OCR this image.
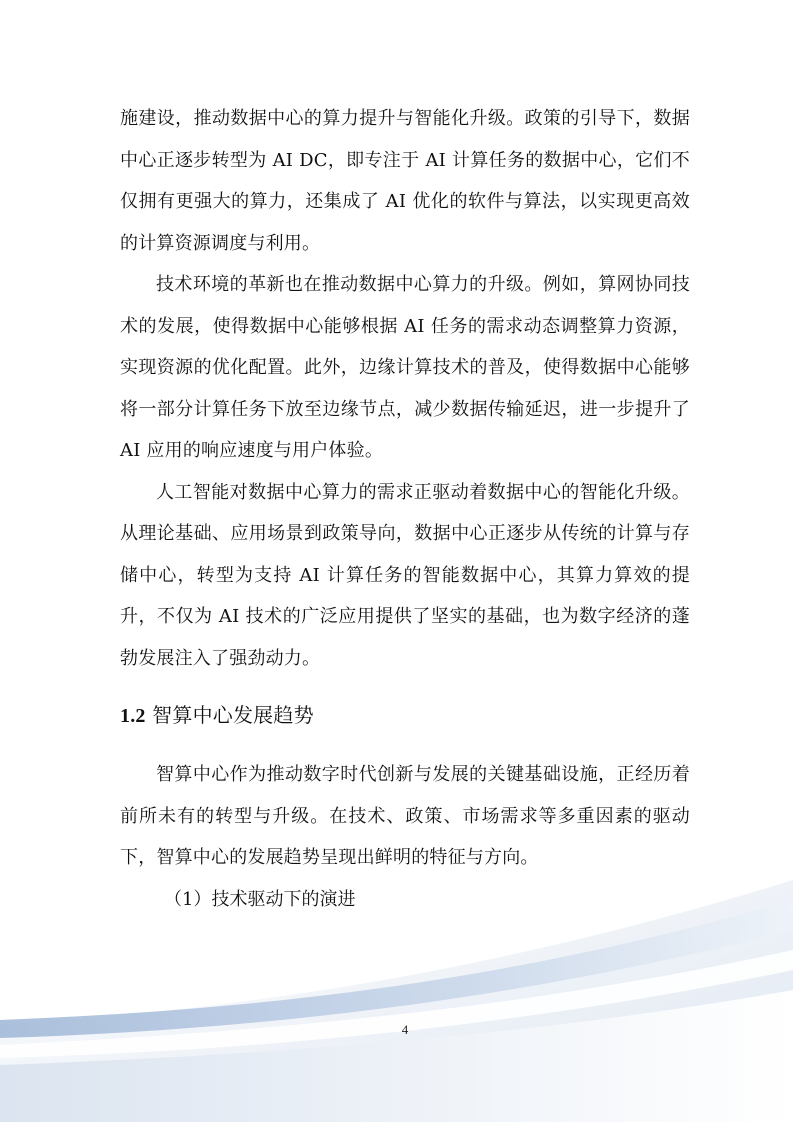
施建设，推动数据中心的算力提升与智能化升级。政策的引导下，数据中心正逐步转型为 AI DC，即专注于 AI 计算任务的数据中心，它们不仅拥有更强大的算力，还集成了 AI 优化的软件与算法，以实现更高效的计算资源调度与利用。

技术环境的革新也在推动数据中心算力的升级。例如，算网协同技术的发展，使得数据中心能够根据 AI 任务的需求动态调整算力资源，实现资源的优化配置。此外，边缘计算技术的普及，使得数据中心能够将一部分计算任务下放至边缘节点，减少数据传输延迟，进一步提升了 AI 应用的响应速度与用户体验。

人工智能对数据中心算力的需求正驱动着数据中心的智能化升级。从理论基础、应用场景到政策导向，数据中心正逐步从传统的计算与存储中心，转型为支持 AI 计算任务的智能数据中心，其算力算效的提升，不仅为 AI 技术的广泛应用提供了坚实的基础，也为数字经济的蓬勃发展注入了强劲动力。

1.2 智算中心发展趋势

智算中心作为推动数字时代创新与发展的关键基础设施，正经历着前所未有的转型与升级。在技术、政策、市场需求等多重因素的驱动下，智算中心的发展趋势呈现出鲜明的特征与方向。

（1）技术驱动下的演进

4
